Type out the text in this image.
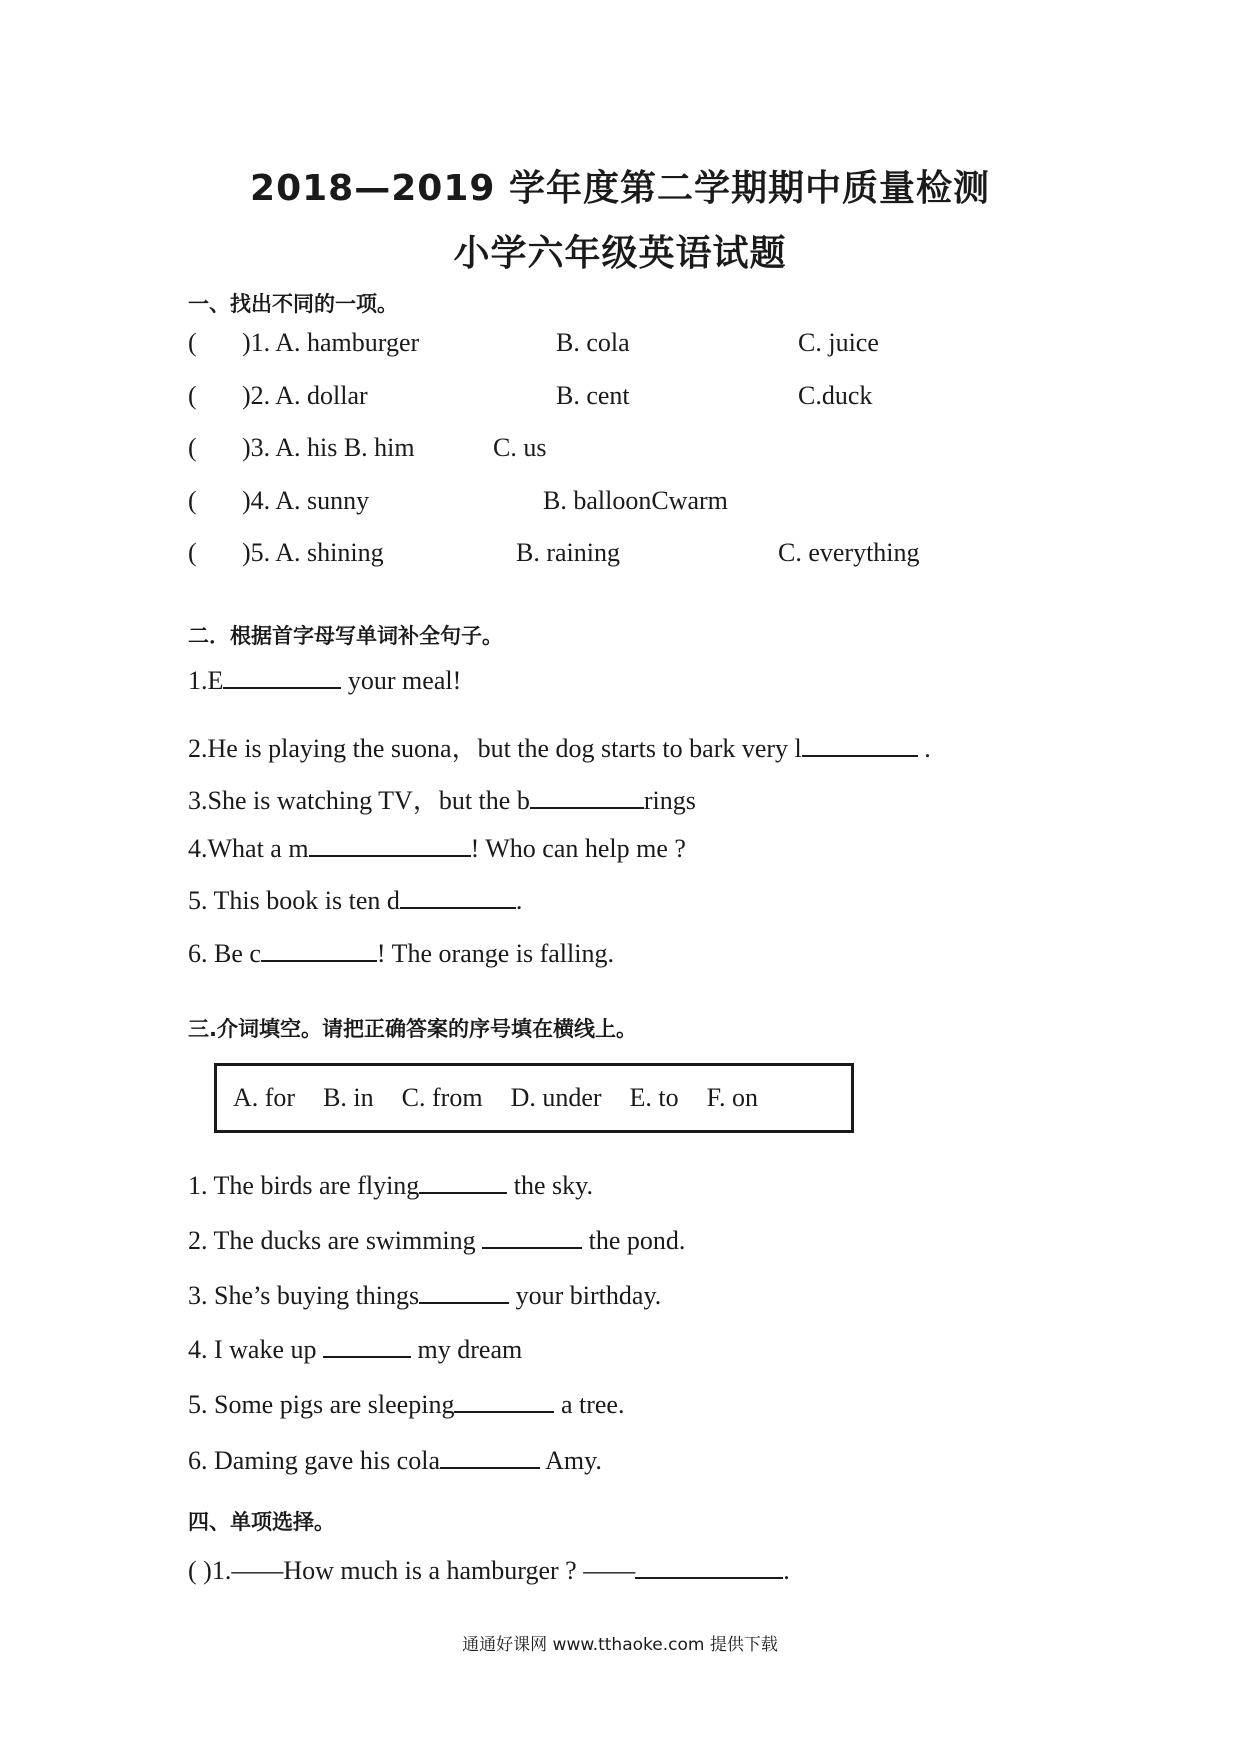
2018—2019 学年度第二学期期中质量检测
小学六年级英语试题
一、找出不同的一项。
( )1. A. hamburger	B. cola	C. juice
( )2. A. dollar	B. cent	C.duck
( )3. A. his B. him	C. us
( )4. A. sunny	B. balloonCwarm
( )5. A. shining	B. raining	C. everything
二．根据首字母写单词补全句子。
1.E	your meal!
2.He is playing the suona，but the dog starts to bark very l	.
3.She is watching TV，but the b	rings
4.What a m	! Who can help me ?
5. This book is ten d	.
6. Be c	! The orange is falling.
三.介词填空。请把正确答案的序号填在横线上。
A. for B. in C. from D. under E. to F. on
1. The birds are flying	the sky.
2. The ducks are swimming	the pond.
3. She’s buying things	your birthday.
4. I wake up	my dream
5. Some pigs are sleeping	a tree.
6. Daming gave his cola	Amy.
四、单项选择。
( )1.——How much is a hamburger ? ——	.
通通好课网 www.tthaoke.com 提供下载
